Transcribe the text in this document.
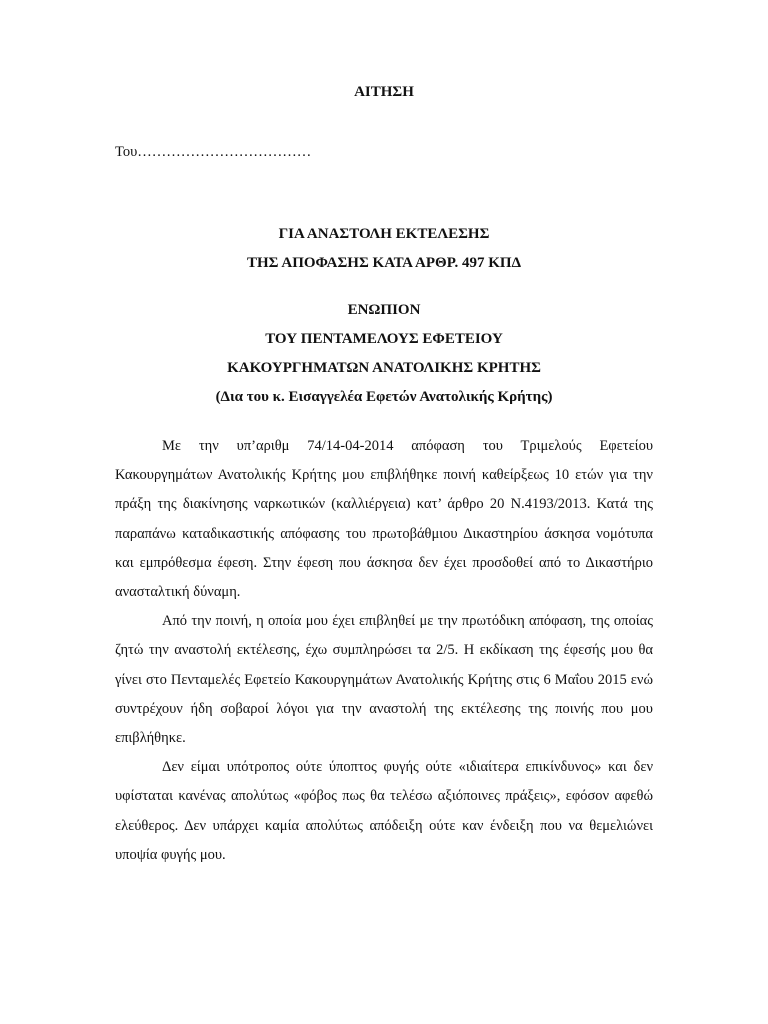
ΑΙΤΗΣΗ
Του………………………………
ΓΙΑ ΑΝΑΣΤΟΛΗ ΕΚΤΕΛΕΣΗΣ
ΤΗΣ ΑΠΟΦΑΣΗΣ ΚΑΤΑ ΑΡΘΡ. 497 ΚΠΔ
ΕΝΩΠΙΟΝ
ΤΟΥ ΠΕΝΤΑΜΕΛΟΥΣ ΕΦΕΤΕΙΟΥ
ΚΑΚΟΥΡΓΗΜΑΤΩΝ ΑΝΑΤΟΛΙΚΗΣ ΚΡΗΤΗΣ
(Δια του κ. Εισαγγελέα Εφετών Ανατολικής Κρήτης)

Με την υπ’αριθμ 74/14-04-2014 απόφαση του Τριμελούς Εφετείου Κακουργημάτων Ανατολικής Κρήτης μου επιβλήθηκε ποινή καθείρξεως 10 ετών για την πράξη της διακίνησης ναρκωτικών (καλλιέργεια) κατ’ άρθρο 20 Ν.4193/2013. Κατά της παραπάνω καταδικαστικής απόφασης του πρωτοβάθμιου Δικαστηρίου άσκησα νομότυπα και εμπρόθεσμα έφεση. Στην έφεση που άσκησα δεν έχει προσδοθεί από το Δικαστήριο ανασταλτική δύναμη.

Από την ποινή, η οποία μου έχει επιβληθεί με την πρωτόδικη απόφαση, της οποίας ζητώ την αναστολή εκτέλεσης, έχω συμπληρώσει τα 2/5. Η εκδίκαση της έφεσής μου θα γίνει στο Πενταμελές Εφετείο Κακουργημάτων Ανατολικής Κρήτης στις 6 Μαΐου 2015 ενώ συντρέχουν ήδη σοβαροί λόγοι για την αναστολή της εκτέλεσης της ποινής που μου επιβλήθηκε.

Δεν είμαι υπότροπος ούτε ύποπτος φυγής ούτε «ιδιαίτερα επικίνδυνος» και δεν υφίσταται κανένας απολύτως «φόβος πως θα τελέσω αξιόποινες πράξεις», εφόσον αφεθώ ελεύθερος. Δεν υπάρχει καμία απολύτως απόδειξη ούτε καν ένδειξη που να θεμελιώνει υποψία φυγής μου.
